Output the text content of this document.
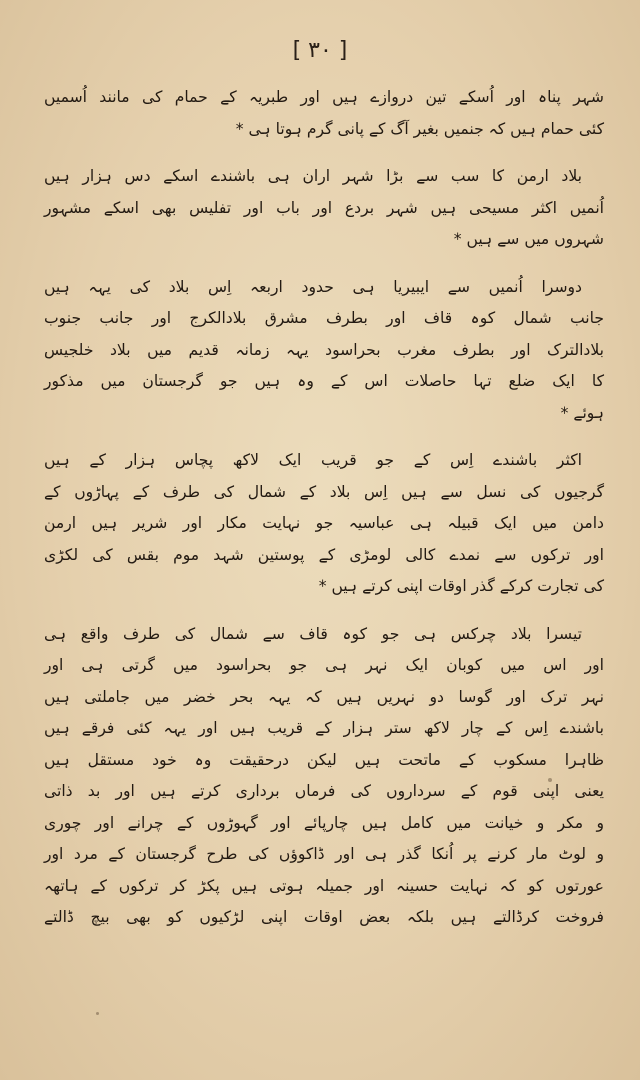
[ ۳۰ ]
شہر پناہ اور اُسکے تین دروازے ہیں اور طبریہ کے حمام کی مانند اُسمیں
کئی حمام ہیں کہ جنمیں بغیر آگ کے پانی گرم ہوتا ہی *
بلاد ارمن کا سب سے بڑا شہر اران ہی باشندے اسکے دس ہزار ہیں
اُنمیں اکثر مسیحی ہیں شہر بردع اور باب اور تفلیس بھی اسکے مشہور
شہروں میں سے ہیں *
دوسرا اُنمیں سے ایبیریا ہی حدود اربعہ اِس بلاد کی یہہ ہیں
جانب شمال کوہ قاف اور بطرف مشرق بلادالکرج اور جانب جنوب
بلادالترک اور بطرف مغرب بحراسود یہہ زمانہ قدیم میں بلاد خلجیس
کا ایک ضلع تہا حاصلات اس کے وہ ہیں جو گرجستان میں مذکور
ہوئے *
اکثر باشندے اِس کے جو قریب ایک لاکھ پچاس ہزار کے ہیں
گرجیوں کی نسل سے ہیں اِس بلاد کے شمال کی طرف کے پہاڑوں کے
دامن میں ایک قبیلہ ہی عباسیہ جو نہایت مکار اور شریر ہیں ارمن
اور ترکوں سے نمدے کالی لومڑی کے پوستین شہد موم بقس کی لکڑی
کی تجارت کرکے گذر اوقات اپنی کرتے ہیں *
تیسرا بلاد چرکس ہی جو کوہ قاف سے شمال کی طرف واقع ہی
اور اس میں کوبان ایک نہر ہی جو بحراسود میں گرتی ہی اور
نہر ترک اور گوسا دو نہریں ہیں کہ یہہ بحر خضر میں جاملتی ہیں
باشندے اِس کے چار لاکھ ستر ہزار کے قریب ہیں اور یہہ کئی فرقے ہیں
ظاہرا مسکوب کے ماتحت ہیں لیکن درحقیقت وہ خود مستقل ہیں
یعنی اپنی قوم کے سرداروں کی فرماں برداری کرتے ہیں اور بد ذاتی
و مکر و خیانت میں کامل ہیں چارپائے اور گہوڑوں کے چرانے اور چوری
و لوٹ مار کرنے پر اُنکا گذر ہی اور ڈاکوؤں کی طرح گرجستان کے مرد اور
عورتوں کو کہ نہایت حسینہ اور جمیلہ ہوتی ہیں پکڑ کر ترکوں کے ہاتھہ
فروخت کرڈالتے ہیں بلکہ بعض اوقات اپنی لڑکیوں کو بھی بیچ ڈالتے
